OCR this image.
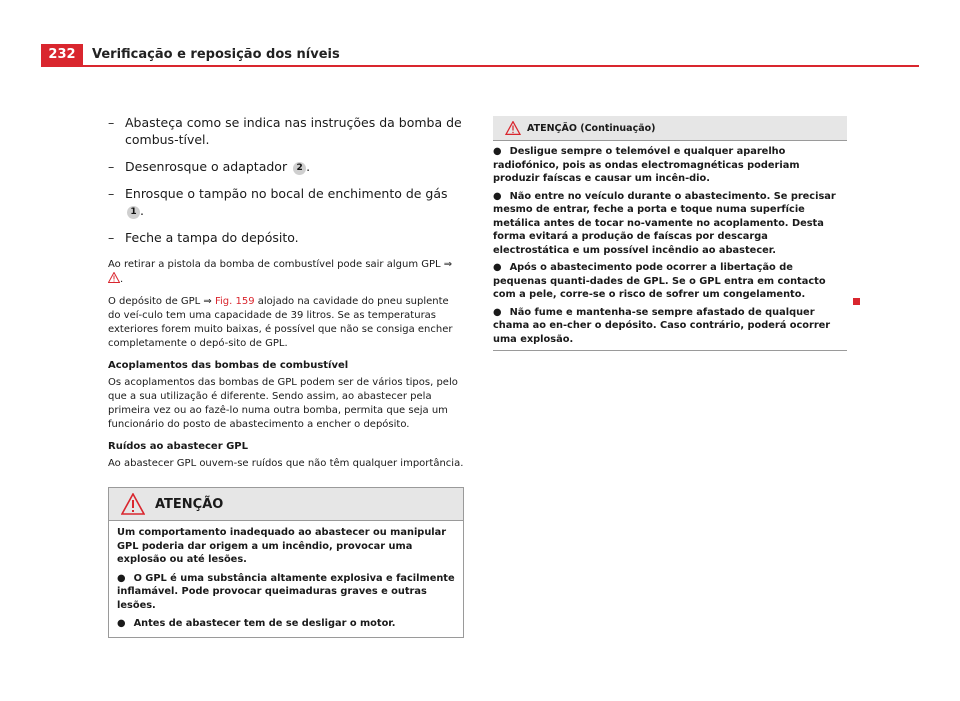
232	Verificação e reposição dos níveis
– Abasteça como se indica nas instruções da bomba de combus-tível.
– Desenrosque o adaptador 2 .
– Enrosque o tampão no bocal de enchimento de gás 1 .
– Feche a tampa do depósito.

Ao retirar a pistola da bomba de combustível pode sair algum GPL ⇒ .

O depósito de GPL ⇒ Fig. 159 alojado na cavidade do pneu suplente do veí-culo tem uma capacidade de 39 litros. Se as temperaturas exteriores forem muito baixas, é possível que não se consiga encher completamente o depó-sito de GPL.

Acoplamentos das bombas de combustível

Os acoplamentos das bombas de GPL podem ser de vários tipos, pelo que a sua utilização é diferente. Sendo assim, ao abastecer pela primeira vez ou ao fazê-lo numa outra bomba, permita que seja um funcionário do posto de abastecimento a encher o depósito.

Ruídos ao abastecer GPL

Ao abastecer GPL ouvem-se ruídos que não têm qualquer importância.

ATENÇÃO

Um comportamento inadequado ao abastecer ou manipular GPL poderia dar origem a um incêndio, provocar uma explosão ou até lesões.

● O GPL é uma substância altamente explosiva e facilmente inflamável. Pode provocar queimaduras graves e outras lesões.

● Antes de abastecer tem de se desligar o motor.

ATENÇÃO (Continuação)

● Desligue sempre o telemóvel e qualquer aparelho radiofónico, pois as ondas electromagnéticas poderiam produzir faíscas e causar um incên-dio.

● Não entre no veículo durante o abastecimento. Se precisar mesmo de entrar, feche a porta e toque numa superfície metálica antes de tocar no-vamente no acoplamento. Desta forma evitará a produção de faíscas por descarga electrostática e um possível incêndio ao abastecer.

● Após o abastecimento pode ocorrer a libertação de pequenas quanti-dades de GPL. Se o GPL entra em contacto com a pele, corre-se o risco de sofrer um congelamento.

● Não fume e mantenha-se sempre afastado de qualquer chama ao en-cher o depósito. Caso contrário, poderá ocorrer uma explosão.
